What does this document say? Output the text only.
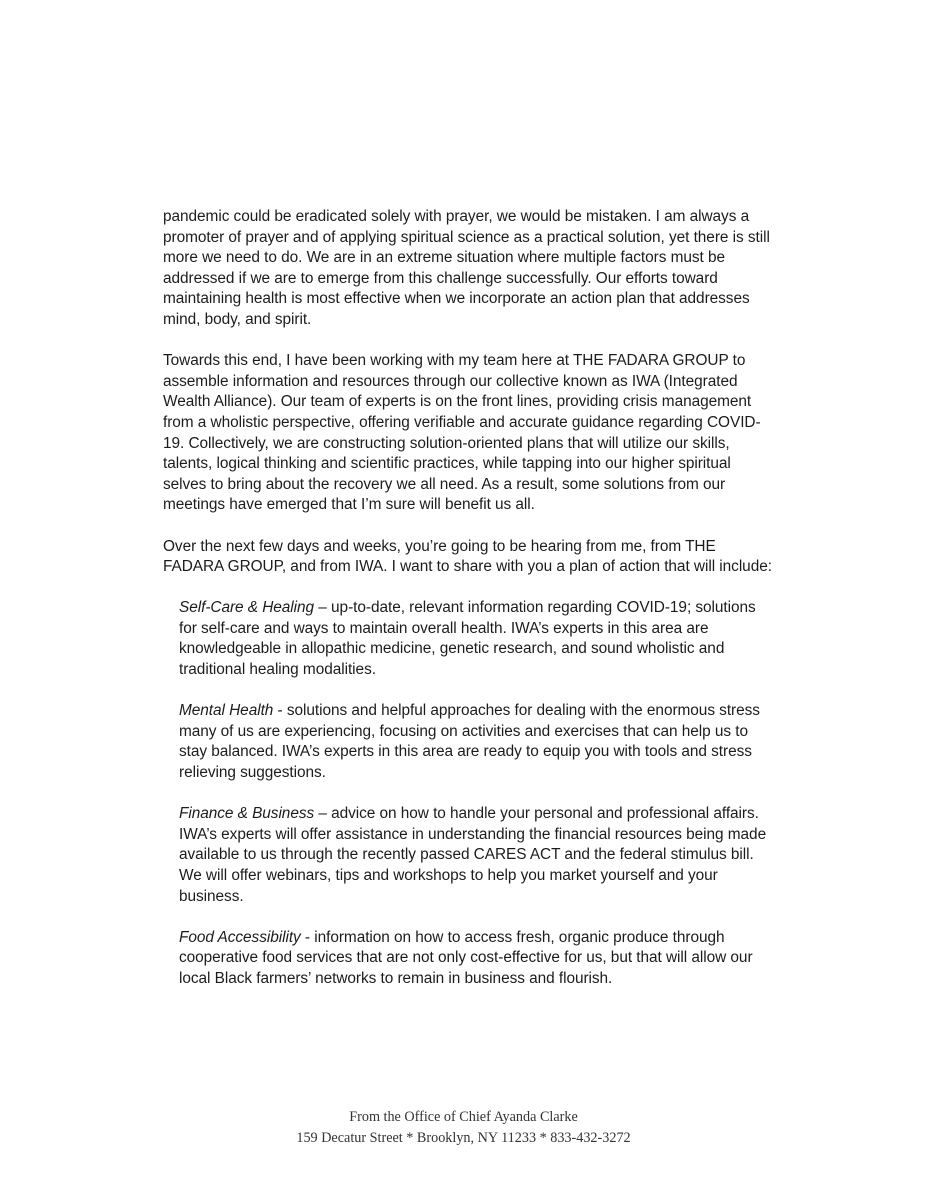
pandemic could be eradicated solely with prayer, we would be mistaken. I am always a promoter of prayer and of applying spiritual science as a practical solution, yet there is still more we need to do. We are in an extreme situation where multiple factors must be addressed if we are to emerge from this challenge successfully. Our efforts toward maintaining health is most effective when we incorporate an action plan that addresses mind, body, and spirit.

Towards this end, I have been working with my team here at THE FADARA GROUP to assemble information and resources through our collective known as IWA (Integrated Wealth Alliance). Our team of experts is on the front lines, providing crisis management from a wholistic perspective, offering verifiable and accurate guidance regarding COVID-19. Collectively, we are constructing solution-oriented plans that will utilize our skills, talents, logical thinking and scientific practices, while tapping into our higher spiritual selves to bring about the recovery we all need. As a result, some solutions from our meetings have emerged that I’m sure will benefit us all.

Over the next few days and weeks, you’re going to be hearing from me, from THE FADARA GROUP, and from IWA. I want to share with you a plan of action that will include:

Self-Care & Healing – up-to-date, relevant information regarding COVID-19; solutions for self-care and ways to maintain overall health. IWA’s experts in this area are knowledgeable in allopathic medicine, genetic research, and sound wholistic and traditional healing modalities.

Mental Health - solutions and helpful approaches for dealing with the enormous stress many of us are experiencing, focusing on activities and exercises that can help us to stay balanced. IWA’s experts in this area are ready to equip you with tools and stress relieving suggestions.

Finance & Business – advice on how to handle your personal and professional affairs. IWA’s experts will offer assistance in understanding the financial resources being made available to us through the recently passed CARES ACT and the federal stimulus bill. We will offer webinars, tips and workshops to help you market yourself and your business.

Food Accessibility - information on how to access fresh, organic produce through cooperative food services that are not only cost-effective for us, but that will allow our local Black farmers’ networks to remain in business and flourish.

From the Office of Chief Ayanda Clarke
159 Decatur Street * Brooklyn, NY 11233 * 833-432-3272
